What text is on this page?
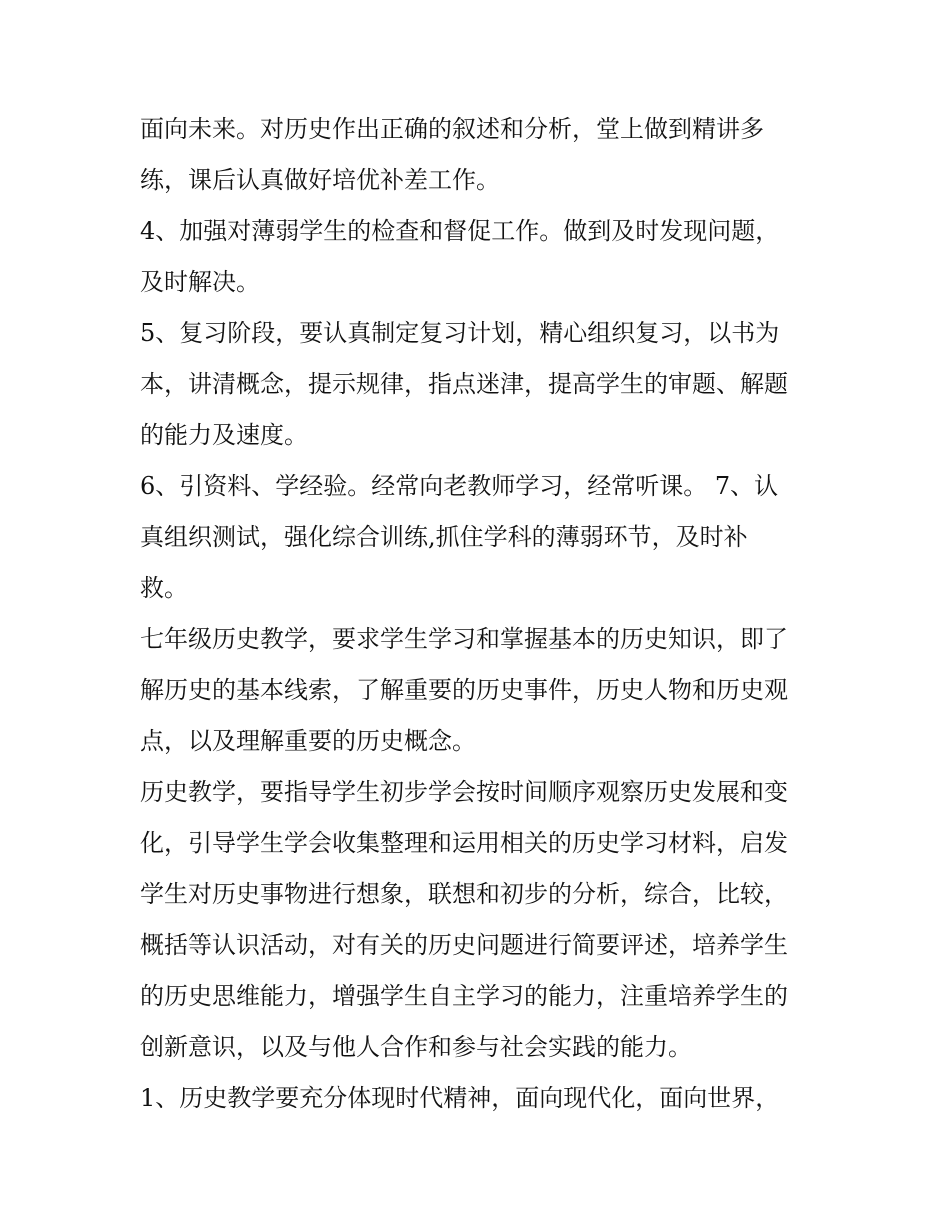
面向未来。对历史作出正确的叙述和分析，堂上做到精讲多
练，课后认真做好培优补差工作。
4、加强对薄弱学生的检查和督促工作。做到及时发现问题，
及时解决。
5、复习阶段，要认真制定复习计划，精心组织复习，以书为
本，讲清概念，提示规律，指点迷津，提高学生的审题、解题
的能力及速度。
6、引资料、学经验。经常向老教师学习，经常听课。 7、认
真组织测试，强化综合训练,抓住学科的薄弱环节，及时补
救。
七年级历史教学，要求学生学习和掌握基本的历史知识，即了
解历史的基本线索，了解重要的历史事件，历史人物和历史观
点，以及理解重要的历史概念。
历史教学，要指导学生初步学会按时间顺序观察历史发展和变
化，引导学生学会收集整理和运用相关的历史学习材料，启发
学生对历史事物进行想象，联想和初步的分析，综合，比较，
概括等认识活动，对有关的历史问题进行简要评述，培养学生
的历史思维能力，增强学生自主学习的能力，注重培养学生的
创新意识，以及与他人合作和参与社会实践的能力。
1、历史教学要充分体现时代精神，面向现代化，面向世界，
